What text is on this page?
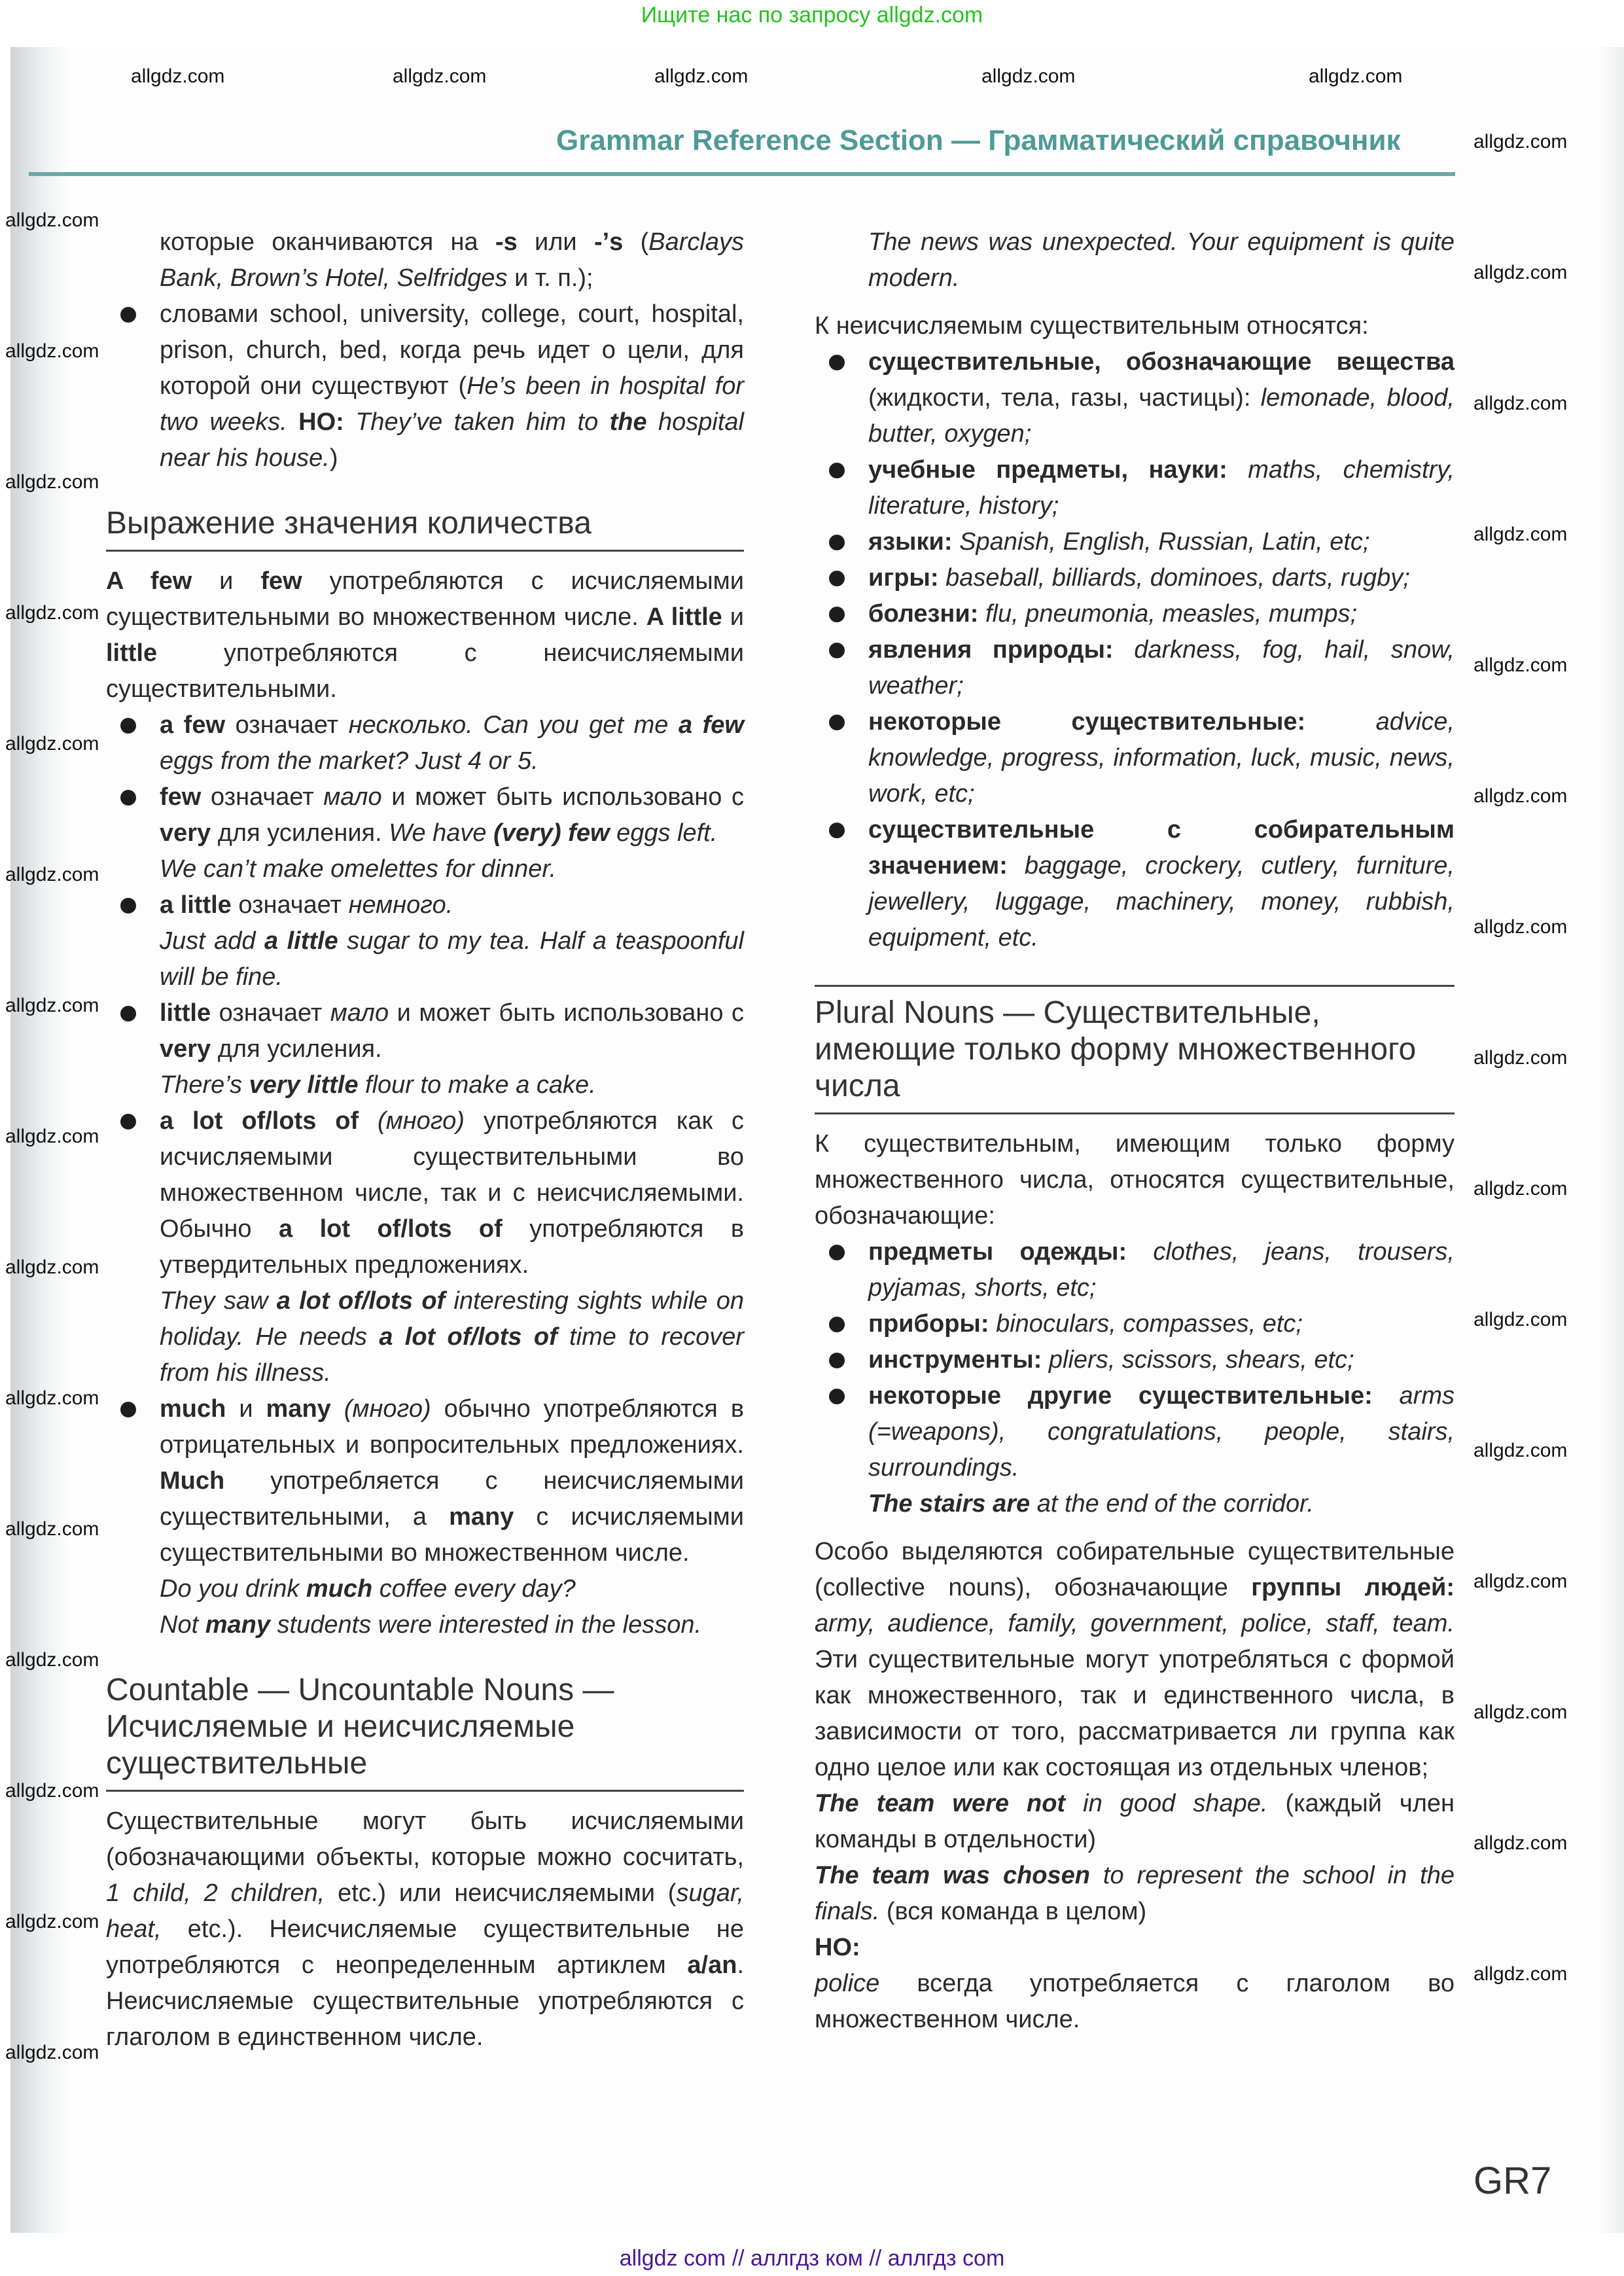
Ищите нас по запросу allgdz.com
Grammar Reference Section — Грамматический справочник

которые оканчиваются на -s или -’s (Barclays Bank, Brown’s Hotel, Selfridges и т. п.);

словами school, university, college, court, hospital, prison, church, bed, когда речь идет о цели, для которой они существуют (He’s been in hospital for two weeks. НО: They’ve taken him to the hospital near his house.)

Выражение значения количества

A few и few употребляются с исчисляемыми существительными во множественном числе. A little и little употребляются с неисчисляемыми существительными.

a few означает несколько. Can you get me a few eggs from the market? Just 4 or 5.

few означает мало и может быть использовано с very для усиления. We have (very) few eggs left.

We can’t make omelettes for dinner.

a little означает немного.

Just add a little sugar to my tea. Half a teaspoonful will be fine.

little означает мало и может быть использовано с very для усиления.

There’s very little flour to make a cake.

a lot of/lots of (много) употребляются как с исчисляемыми существительными во множественном числе, так и с неисчисляемыми. Обычно a lot of/lots of употребляются в утвердительных предложениях.

They saw a lot of/lots of interesting sights while on holiday. He needs a lot of/lots of time to recover from his illness.

much и many (много) обычно употребляются в отрицательных и вопросительных предложениях. Much употребляется с неисчисляемыми существительными, а many с исчисляемыми существительными во множественном числе.

Do you drink much coffee every day?

Not many students were interested in the lesson.

Countable — Uncountable Nouns — Исчисляемые и неисчисляемые существительные

Существительные могут быть исчисляемыми (обозначающими объекты, которые можно сосчитать, 1 child, 2 children, etc.) или неисчисляемыми (sugar, heat, etc.). Неисчисляемые существительные не употребляются с неопределенным артиклем a/an. Неисчисляемые существительные употребляются с глаголом в единственном числе.

The news was unexpected. Your equipment is quite modern.

К неисчисляемым существительным относятся:

существительные, обозначающие вещества (жидкости, тела, газы, частицы): lemonade, blood, butter, oxygen;

учебные предметы, науки: maths, chemistry, literature, history;

языки: Spanish, English, Russian, Latin, etc;

игры: baseball, billiards, dominoes, darts, rugby;

болезни: flu, pneumonia, measles, mumps;

явления природы: darkness, fog, hail, snow, weather;

некоторые существительные:	advice, knowledge, progress, information, luck, music, news, work, etc;

существительные с собирательным значением: baggage, crockery, cutlery, furniture, jewellery, luggage, machinery, money, rubbish, equipment, etc.

Plural Nouns — Существительные, имеющие только форму множественного числа

К существительным, имеющим только форму множественного числа, относятся существительные, обозначающие:

предметы одежды: clothes, jeans, trousers, pyjamas, shorts, etc;

приборы: binoculars, compasses, etc;

инструменты: pliers, scissors, shears, etc;

некоторые другие существительные: arms (=weapons), congratulations, people, stairs, surroundings.

The stairs are at the end of the corridor.

Особо выделяются собирательные существительные (collective nouns), обозначающие группы людей: army, audience, family, government, police, staff, team. Эти существительные могут употребляться с формой как множественного, так и единственного числа, в зависимости от того, рассматривается ли группа как одно целое или как состоящая из отдельных членов;

The team were not in good shape. (каждый член команды в отдельности)

The team was chosen to represent the school in the finals. (вся команда в целом)

НО:

police всегда употребляется с глаголом во множественном числе.

GR7
allgdz.com	allgdz.com	allgdz.com	allgdz.com	allgdz.com
allgdz.com
allgdz.com
allgdz.com
allgdz.com
allgdz.com
allgdz.com
allgdz.com
allgdz.com
allgdz.com
allgdz.com
allgdz.com
allgdz.com
allgdz.com
allgdz.com
allgdz.com
allgdz.com
allgdz.com
allgdz.com
allgdz.com
allgdz.com
allgdz.com
allgdz.com
allgdz.com
allgdz.com
allgdz.com
allgdz.com
allgdz.com
allgdz.com
allgdz.com
allgdz.com
allgdz com // аллгдз ком // аллгдз com
